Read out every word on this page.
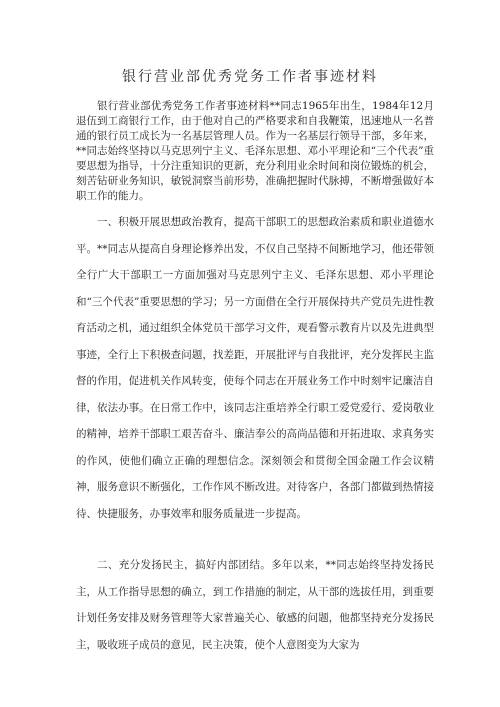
银行营业部优秀党务工作者事迹材料

银行营业部优秀党务工作者事迹材料**同志1965年出生，1984年12月退伍到工商银行工作，由于他对自己的严格要求和自我鞭策，迅速地从一名普通的银行员工成长为一名基层管理人员。作为一名基层行领导干部，多年来，**同志始终坚持以马克思列宁主义、毛泽东思想、邓小平理论和“三个代表”重要思想为指导，十分注重知识的更新，充分利用业余时间和岗位锻炼的机会，刻苦钻研业务知识，敏锐洞察当前形势，准确把握时代脉搏，不断增强做好本职工作的能力。

一、积极开展思想政治教育，提高干部职工的思想政治素质和职业道德水平。**同志从提高自身理论修养出发，不仅自己坚持不间断地学习，他还带领全行广大干部职工一方面加强对马克思列宁主义、毛泽东思想、邓小平理论和“三个代表”重要思想的学习；另一方面借在全行开展保持共产党员先进性教育活动之机，通过组织全体党员干部学习文件，观看警示教育片以及先进典型事迹，全行上下积极查问题，找差距，开展批评与自我批评，充分发挥民主监督的作用，促进机关作风转变，使每个同志在开展业务工作中时刻牢记廉洁自律，依法办事。在日常工作中，该同志注重培养全行职工爱党爱行、爱岗敬业的精神，培养干部职工艰苦奋斗、廉洁奉公的高尚品德和开拓进取、求真务实的作风，使他们确立正确的理想信念。深刻领会和贯彻全国金融工作会议精神，服务意识不断强化，工作作风不断改进。对待客户，各部门都做到热情接待、快捷服务，办事效率和服务质量进一步提高。

二、充分发扬民主，搞好内部团结。多年以来，**同志始终坚持发扬民主，从工作指导思想的确立，到工作措施的制定，从干部的选拔任用，到重要计划任务安排及财务管理等大家普遍关心、敏感的问题，他都坚持充分发扬民主，吸收班子成员的意见，民主决策，使个人意图变为大家为
